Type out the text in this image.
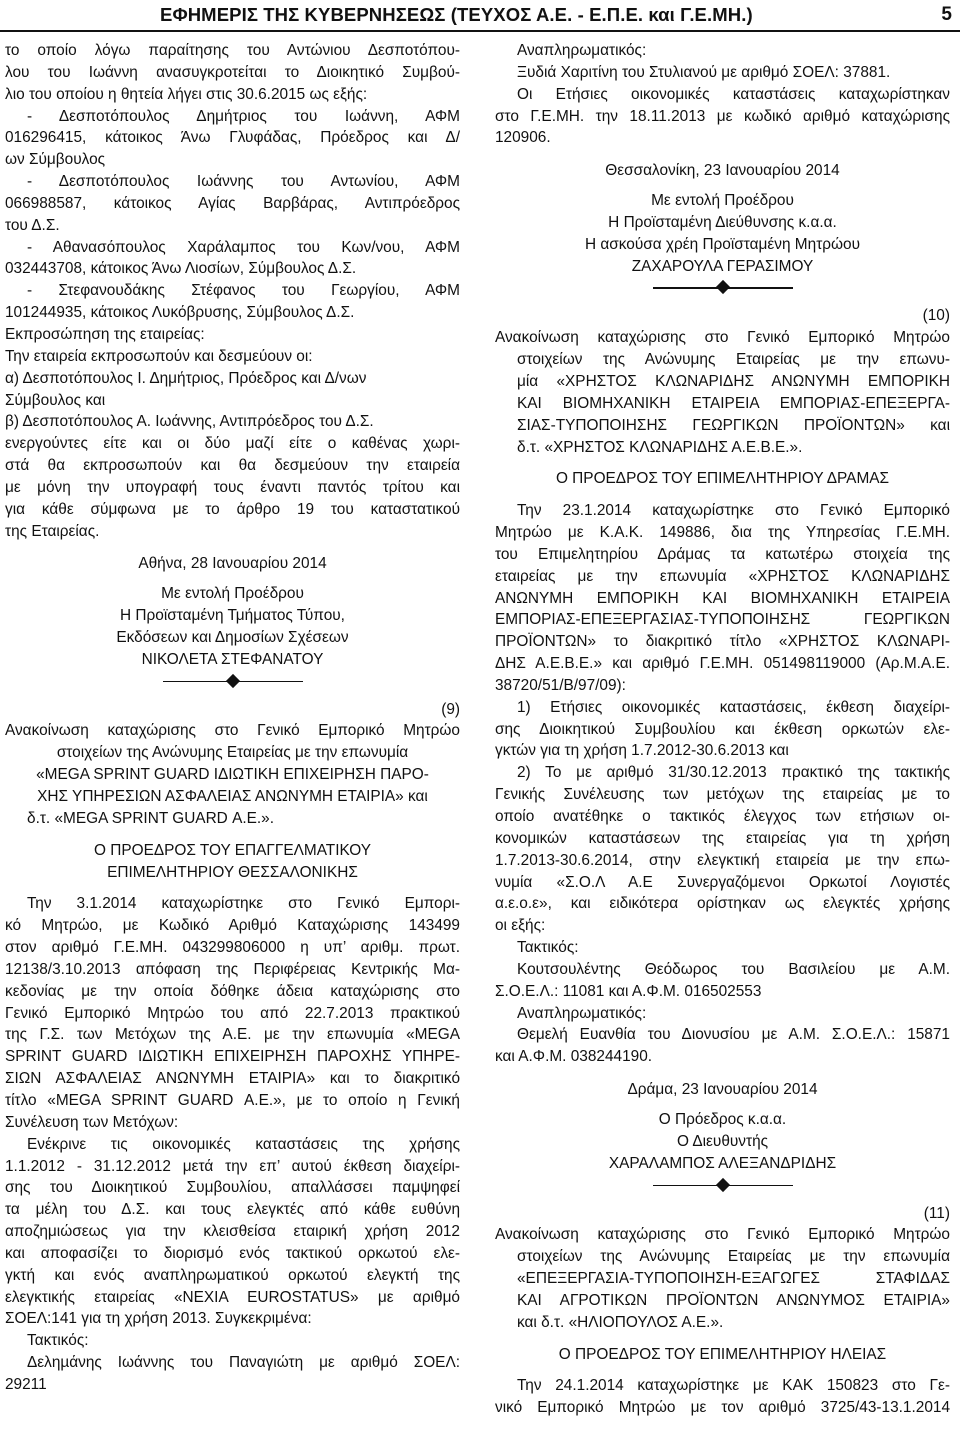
ΕΦΗΜΕΡΙΣ ΤΗΣ ΚΥΒΕΡΝΗΣΕΩΣ (ΤΕΥΧΟΣ Α.Ε. - Ε.Π.Ε. και Γ.Ε.ΜΗ.)	5
το οποίο λόγω παραίτησης του Αντώνιου Δεσποτόπου-
λου του Ιωάννη ανασυγκροτείται το Διοικητικό Συμβού-
λιο του οποίου η θητεία λήγει στις 30.6.2015 ως εξής:
- Δεσποτόπουλος Δημήτριος του Ιωάννη, ΑΦΜ
016296415, κάτοικος Άνω Γλυφάδας, Πρόεδρος και Δ/
ων Σύμβουλος
- Δεσποτόπουλος Ιωάννης του Αντωνίου, ΑΦΜ
066988587, κάτοικος Αγίας Βαρβάρας, Αντιπρόεδρος
του Δ.Σ.
- Αθανασόπουλος Χαράλαμπος του Κων/νου, ΑΦΜ
032443708, κάτοικος Άνω Λιοσίων, Σύμβουλος Δ.Σ.
- Στεφανουδάκης Στέφανος του Γεωργίου, ΑΦΜ
101244935, κάτοικος Λυκόβρυσης, Σύμβουλος Δ.Σ.
Εκπροσώπηση της εταιρείας:
Την εταιρεία εκπροσωπούν και δεσμεύουν οι:
α) Δεσποτόπουλος Ι. Δημήτριος, Πρόεδρος και Δ/νων
Σύμβουλος και
β) Δεσποτόπουλος Α. Ιωάννης, Αντιπρόεδρος του Δ.Σ.
ενεργούντες είτε και οι δύο μαζί είτε ο καθένας χωρι-
στά θα εκπροσωπούν και θα δεσμεύουν την εταιρεία
με μόνη την υπογραφή τους έναντι παντός τρίτου και
για κάθε σύμφωνα με το άρθρο 19 του καταστατικού
της Εταιρείας.
Αθήνα, 28 Ιανουαρίου 2014
Με εντολή Προέδρου
Η Προϊσταμένη Τμήματος Τύπου,
Εκδόσεων και Δημοσίων Σχέσεων
ΝΙΚΟΛΕΤΑ ΣΤΕΦΑΝΑΤΟΥ
(9)
Ανακοίνωση καταχώρισης στο Γενικό Εμπορικό Μητρώο
στοιχείων της Ανώνυμης Εταιρείας με την επωνυμία
«MEGA SPRINT GUARD ΙΔΙΩΤΙΚΗ ΕΠΙΧΕΙΡΗΣΗ ΠΑΡΟ-
ΧΗΣ ΥΠΗΡΕΣΙΩΝ ΑΣΦΑΛΕΙΑΣ ΑΝΩΝΥΜΗ ΕΤΑΙΡΙΑ» και
δ.τ. «MEGA SPRINT GUARD Α.Ε.».
Ο ΠΡΟΕΔΡΟΣ ΤΟΥ ΕΠΑΓΓΕΛΜΑΤΙΚΟΥ
ΕΠΙΜΕΛΗΤΗΡΙΟΥ ΘΕΣΣΑΛΟΝΙΚΗΣ
Την 3.1.2014 καταχωρίστηκε στο Γενικό Εμπορι-
κό Μητρώο, με Κωδικό Αριθμό Καταχώρισης 143499
στον αριθμό Γ.Ε.ΜΗ. 043299806000 η υπ’ αριθμ. πρωτ.
12138/3.10.2013 απόφαση της Περιφέρειας Κεντρικής Μα-
κεδονίας με την οποία δόθηκε άδεια καταχώρισης στο
Γενικό Εμπορικό Μητρώο του από 22.7.2013 πρακτικού
της Γ.Σ. των Μετόχων της Α.Ε. με την επωνυμία «MEGA
SPRINT GUARD ΙΔΙΩΤΙΚΗ ΕΠΙΧΕΙΡΗΣΗ ΠΑΡΟΧΗΣ ΥΠΗΡΕ-
ΣΙΩΝ ΑΣΦΑΛΕΙΑΣ ΑΝΩΝΥΜΗ ΕΤΑΙΡΙΑ» και το διακριτικό
τίτλο «MEGA SPRINT GUARD Α.Ε.», με το οποίο η Γενική
Συνέλευση των Μετόχων:
Ενέκρινε τις οικονομικές καταστάσεις της χρήσης
1.1.2012 - 31.12.2012 μετά την επ’ αυτού έκθεση διαχείρι-
σης του Διοικητικού Συμβουλίου, απαλλάσσει παμψηφεί
τα μέλη του Δ.Σ. και τους ελεγκτές από κάθε ευθύνη
αποζημιώσεως για την κλεισθείσα εταιρική χρήση 2012
και αποφασίζει το διορισμό ενός τακτικού ορκωτού ελε-
γκτή και ενός αναπληρωματικού ορκωτού ελεγκτή της
ελεγκτικής εταιρείας «NEXIA EUROSTATUS» με αριθμό
ΣΟΕΛ:141 για τη χρήση 2013. Συγκεκριμένα:
Τακτικός:
Δεληµάνης Ιωάννης του Παναγιώτη με αριθμό ΣΟΕΛ:
29211
Αναπληρωματικός:
Ξυδιά Χαριτίνη του Στυλιανού με αριθμό ΣΟΕΛ: 37881.
Οι Ετήσιες οικονομικές καταστάσεις καταχωρίστηκαν
στο Γ.Ε.ΜΗ. την 18.11.2013 με κωδικό αριθμό καταχώρισης
120906.
Θεσσαλονίκη, 23 Ιανουαρίου 2014
Με εντολή Προέδρου
Η Προϊσταμένη Διεύθυνσης κ.α.α.
Η ασκούσα χρέη Προϊσταμένη Μητρώου
ΖΑΧΑΡΟΥΛΑ ΓΕΡΑΣΙΜΟΥ
(10)
Ανακοίνωση καταχώρισης στο Γενικό Εμπορικό Μητρώο
στοιχείων της Ανώνυμης Εταιρείας με την επωνυ-
μία «ΧΡΗΣΤΟΣ ΚΛΩΝΑΡΙΔΗΣ ΑΝΩΝΥΜΗ ΕΜΠΟΡΙΚΗ
ΚΑΙ ΒΙΟΜΗΧΑΝΙΚΗ ΕΤΑΙΡΕΙΑ ΕΜΠΟΡΙΑΣ-ΕΠΕΞΕΡΓΑ-
ΣΙΑΣ-ΤΥΠΟΠΟΙΗΣΗΣ ΓΕΩΡΓΙΚΩΝ ΠΡΟΪΟΝΤΩΝ» και
δ.τ. «ΧΡΗΣΤΟΣ ΚΛΩΝΑΡΙΔΗΣ Α.Ε.Β.Ε.».
Ο ΠΡΟΕΔΡΟΣ ΤΟΥ ΕΠΙΜΕΛΗΤΗΡΙΟΥ ΔΡΑΜΑΣ
Την 23.1.2014 καταχωρίστηκε στο Γενικό Εμπορικό
Μητρώο με Κ.Α.Κ. 149886, δια της Υπηρεσίας Γ.Ε.ΜΗ.
του Επιμελητηρίου Δράμας τα κατωτέρω στοιχεία της
εταιρείας με την επωνυμία «ΧΡΗΣΤΟΣ ΚΛΩΝΑΡΙΔΗΣ
ΑΝΩΝΥΜΗ ΕΜΠΟΡΙΚΗ ΚΑΙ ΒΙΟΜΗΧΑΝΙΚΗ ΕΤΑΙΡΕΙΑ
ΕΜΠΟΡΙΑΣ-ΕΠΕΞΕΡΓΑΣΙΑΣ-ΤΥΠΟΠΟΙΗΣΗΣ ΓΕΩΡΓΙΚΩΝ
ΠΡΟΪΟΝΤΩΝ» το διακριτικό τίτλο «ΧΡΗΣΤΟΣ ΚΛΩΝΑΡΙ-
ΔΗΣ Α.Ε.Β.Ε.» και αριθμό Γ.Ε.ΜΗ. 051498119000 (Αρ.Μ.Α.Ε.
38720/51/Β/97/09):
1) Ετήσιες οικονομικές καταστάσεις, έκθεση διαχείρι-
σης Διοικητικού Συμβουλίου και έκθεση ορκωτών ελε-
γκτών για τη χρήση 1.7.2012-30.6.2013 και
2) Το με αριθμό 31/30.12.2013 πρακτικό της τακτικής
Γενικής Συνέλευσης των μετόχων της εταιρείας με το
οποίο ανατέθηκε ο τακτικός έλεγχος των ετήσιων οι-
κονομικών καταστάσεων της εταιρείας για τη χρήση
1.7.2013-30.6.2014, στην ελεγκτική εταιρεία με την επω-
νυμία «Σ.Ο.Λ Α.Ε Συνεργαζόμενοι Ορκωτοί Λογιστές
α.ε.ο.ε», και ειδικότερα ορίστηκαν ως ελεγκτές χρήσης
οι εξής:
Τακτικός:
Κουτσουλέντης Θεόδωρος του Βασιλείου με Α.Μ.
Σ.Ο.Ε.Λ.: 11081 και Α.Φ.Μ. 016502553
Αναπληρωματικός:
Θεμελή Ευανθία του Διονυσίου με Α.Μ. Σ.Ο.Ε.Λ.: 15871
και Α.Φ.Μ. 038244190.
Δράμα, 23 Ιανουαρίου 2014
Ο Πρόεδρος κ.α.α.
Ο Διευθυντής
ΧΑΡΑΛΑΜΠΟΣ ΑΛΕΞΑΝΔΡΙΔΗΣ
(11)
Ανακοίνωση καταχώρισης στο Γενικό Εμπορικό Μητρώο
στοιχείων της Ανώνυμης Εταιρείας με την επωνυμία
«ΕΠΕΞΕΡΓΑΣΙΑ-ΤΥΠΟΠΟΙΗΣΗ-ΕΞΑΓΩΓΕΣ ΣΤΑΦΙΔΑΣ
ΚΑΙ ΑΓΡΟΤΙΚΩΝ ΠΡΟΪΟΝΤΩΝ ΑΝΩΝΥΜΟΣ ΕΤΑΙΡΙΑ»
και δ.τ. «ΗΛΙΟΠΟΥΛΟΣ Α.Ε.».
Ο ΠΡΟΕΔΡΟΣ ΤΟΥ ΕΠΙΜΕΛΗΤΗΡΙΟΥ ΗΛΕΙΑΣ
Την 24.1.2014 καταχωρίστηκε με ΚΑΚ 150823 στο Γε-
νικό Εμπορικό Μητρώο με τον αριθμό 3725/43-13.1.2014
